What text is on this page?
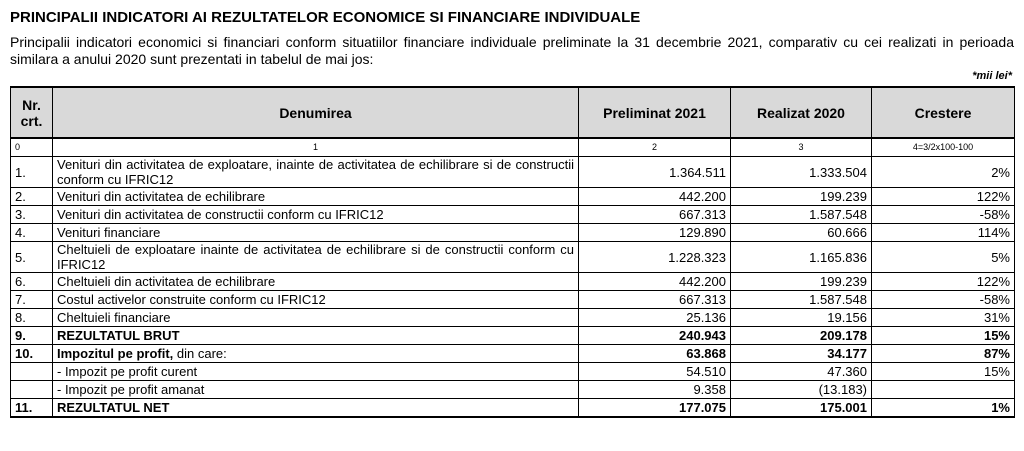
PRINCIPALII INDICATORI AI REZULTATELOR ECONOMICE SI FINANCIARE INDIVIDUALE
Principalii indicatori economici si financiari conform situatiilor financiare individuale preliminate la 31 decembrie 2021, comparativ cu cei realizati in perioada similara a anului 2020 sunt prezentati in tabelul de mai jos:
*mii lei*
Nr. crt.	Denumirea	Preliminat 2021	Realizat 2020	Crestere
0	1	2	3	4=3/2x100-100
1.	Venituri din activitatea de exploatare, inainte de activitatea de echilibrare si de constructii conform cu IFRIC12	1.364.511	1.333.504	2%
2.	Venituri din activitatea de echilibrare	442.200	199.239	122%
3.	Venituri din activitatea de constructii conform cu IFRIC12	667.313	1.587.548	-58%
4.	Venituri financiare	129.890	60.666	114%
5.	Cheltuieli de exploatare inainte de activitatea de echilibrare si de constructii conform cu IFRIC12	1.228.323	1.165.836	5%
6.	Cheltuieli din activitatea de echilibrare	442.200	199.239	122%
7.	Costul activelor construite conform cu IFRIC12	667.313	1.587.548	-58%
8.	Cheltuieli financiare	25.136	19.156	31%
9.	REZULTATUL BRUT	240.943	209.178	15%
10.	Impozitul pe profit, din care:	63.868	34.177	87%
	- Impozit pe profit curent	54.510	47.360	15%
	- Impozit pe profit amanat	9.358	(13.183)	
11.	REZULTATUL NET	177.075	175.001	1%
